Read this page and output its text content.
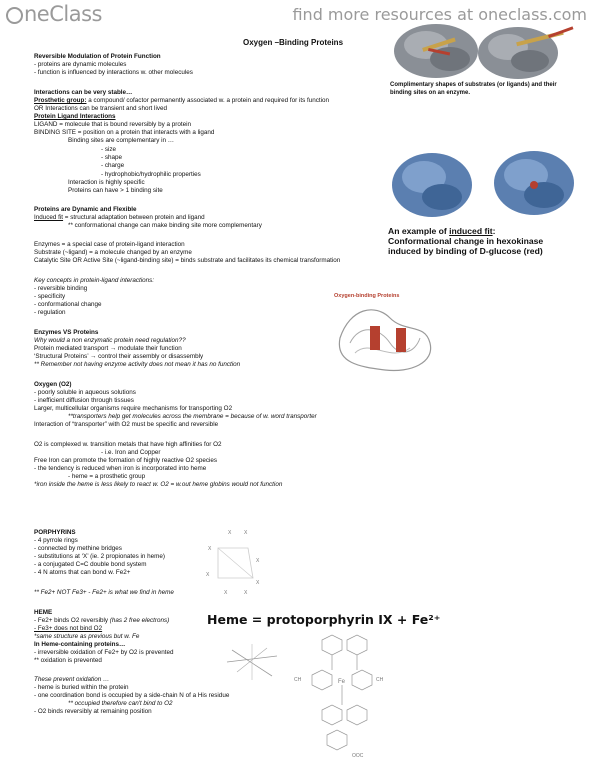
neClass	find more resources at oneclass.com
Oxygen –Binding Proteins
Complimentary shapes of substrates (or ligands) and their binding sites on an enzyme.
An example of induced fit:
Conformational change in hexokinase
induced by binding of D-glucose (red)
Oxygen-binding Proteins
X	X
X
X
X
X
X	X
Heme = protoporphyrin IX + Fe²⁺
Fe
CH	CH
OOC
Reversible Modulation of Protein Function
- proteins are dynamic molecules
- function is influenced by interactions w. other molecules
Interactions can be very stable…
Prosthetic group: a compound/ cofactor permanently associated w. a protein and required for its function
OR Interactions can be transient and short lived
Protein Ligand Interactions
LIGAND = molecule that is bound reversibly by a protein
BINDING SITE = position on a protein that interacts with a ligand
Binding sites are complementary in …
- size
- shape
- charge
- hydrophobic/hydrophilic properties
Interaction is highly specific
Proteins can have > 1 binding site
Proteins are Dynamic and Flexible
Induced fit = structural adaptation between protein and ligand
** conformational change can make binding site more complementary
Enzymes = a special case of protein-ligand interaction
Substrate (~ligand) = a molecule changed by an enzyme
Catalytic Site OR Active Site (~ligand-binding site) = binds substrate and facilitates its chemical transformation
Key concepts in protein-ligand interactions:
- reversible binding
- specificity
- conformational change
- regulation
Enzymes VS Proteins
Why would a non enzymatic protein need regulation??
Protein mediated transport → modulate their function
‘Structural Proteins’ → control their assembly or disassembly
** Remember not having enzyme activity does not mean it has no function
Oxygen (O2)
- poorly soluble in aqueous solutions
- inefficient diffusion through tissues
Larger, multicellular organisms require mechanisms for transporting O2
**transporters help get molecules across the membrane = because of w. word transporter
Interaction of “transporter” with O2 must be specific and reversible
O2 is complexed w. transition metals that have high affinities for O2
- i.e. Iron and Copper
Free Iron can promote the formation of highly reactive O2 species
- the tendency is reduced when iron is incorporated into heme
- heme = a prosthetic group
*iron inside the heme is less likely to react w. O2 = w.out heme globins would not function
PORPHYRINS
- 4 pyrrole rings
- connected by methine bridges
- substitutions at ‘X’ (ie. 2 propionates in heme)
- a conjugated C=C double bond system
- 4 N atoms that can bond w. Fe2+
** Fe2+ NOT Fe3+ - Fe2+ is what we find in heme
HEME
- Fe2+ binds O2 reversibly (has 2 free electrons)
- Fe3+ does not bind O2
*same structure as previous but w. Fe
In Heme-containing proteins…
- irreversible oxidation of Fe2+ by O2 is prevented
** oxidation is prevented
These prevent oxidation …
- heme is buried within the protein
- one coordination bond is occupied by a side-chain N of a His residue
** occupied therefore can't bind to O2
- O2 binds reversibly at remaining position
